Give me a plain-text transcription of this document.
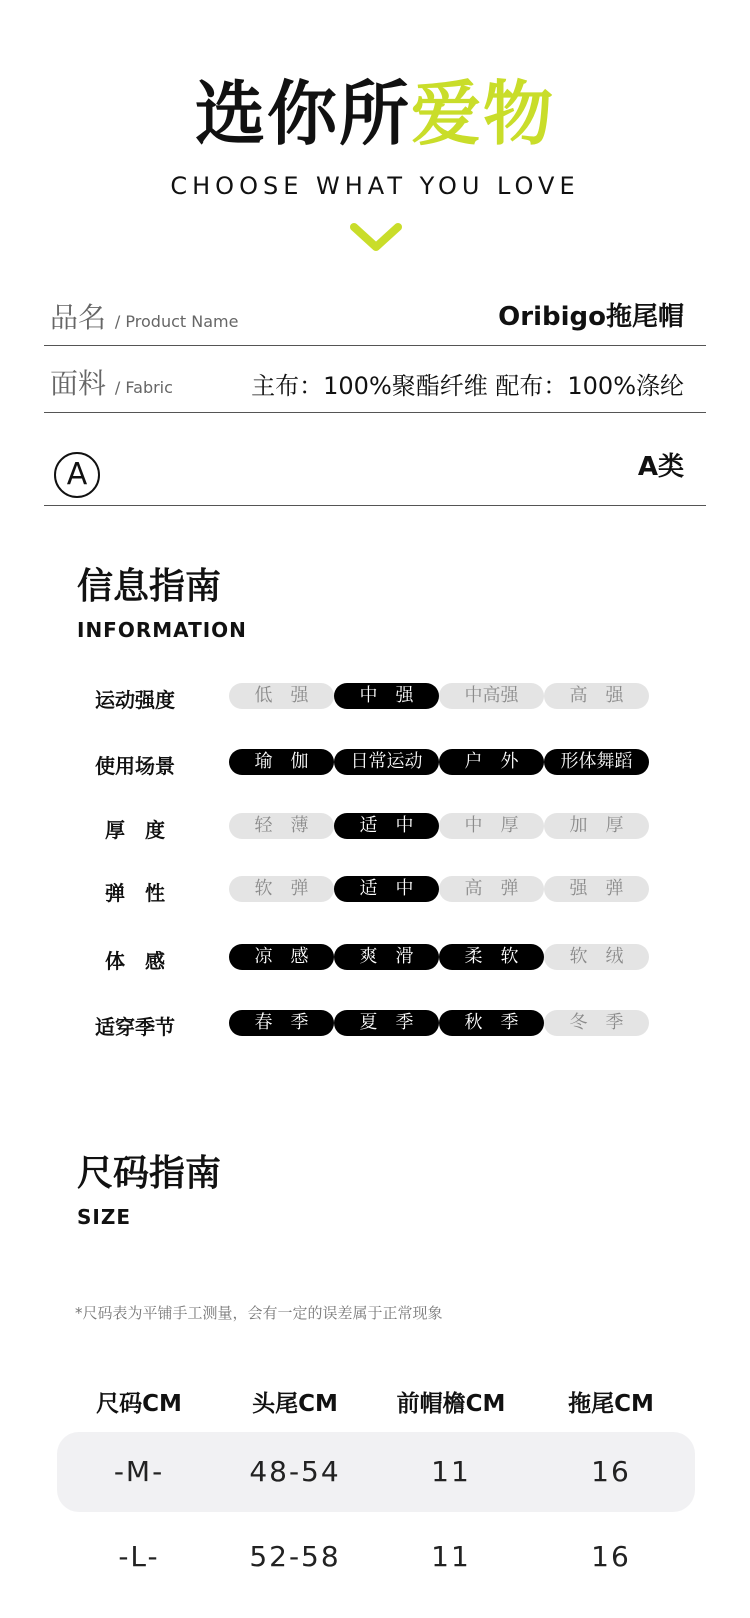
选你所爱物
CHOOSE WHAT YOU LOVE
品名 / Product Name	Oribigo拖尾帽
面料 / Fabric	主布：100%聚酯纤维 配布：100%涤纶
A	A类
信息指南
INFORMATION
运动强度	低　强	中　强	中高强	高　强
使用场景	瑜　伽	日常运动	户　外	形体舞蹈
厚　度	轻　薄	适　中	中　厚	加　厚
弹　性	软　弹	适　中	高　弹	强　弹
体　感	凉　感	爽　滑	柔　软	软　绒
适穿季节	春　季	夏　季	秋　季	冬　季
尺码指南
SIZE
*尺码表为平铺手工测量，会有一定的误差属于正常现象
尺码CM	头尾CM	前帽檐CM	拖尾CM
-M-	48-54	11	16
-L-	52-58	11	16
